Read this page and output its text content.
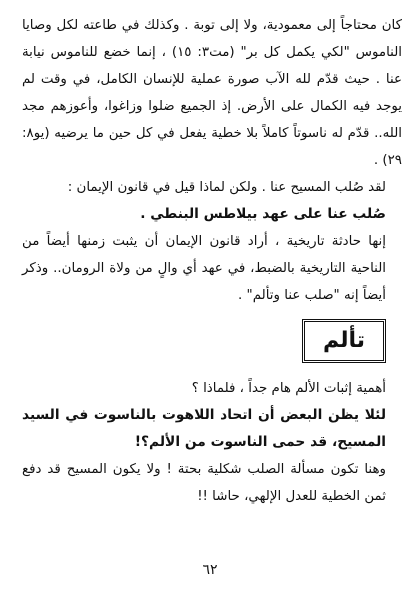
كان محتاجاً إلى معمودية، ولا إلى توبة . وكذلك في طاعته لكل وصايا الناموس "لكي يكمل كل بر" (مت٣: ١٥) ، إنما خضع للناموس نيابة عنا . حيث قدّم لله الآب صورة عملية للإنسان الكامل، في وقت لم يوجد فيه الكمال على الأرض. إذ الجميع ضلوا وزاغوا، وأعوزهم مجد الله.. قدّم له ناسوتاً كاملاً بلا خطية يفعل في كل حين ما يرضيه (يو٨: ٢٩) .

لقد صُلب المسيح عنا . ولكن لماذا قيل في قانون الإيمان :

صُلب عنا على عهد بيلاطس البنطي .

إنها حادثة تاريخية ، أراد قانون الإيمان أن يثبت زمنها أيضاً من الناحية التاريخية بالضبط، في عهد أي والٍ من ولاة الرومان.. وذكر أيضاً إنه "صلب عنا وتألم" .

تألم

أهمية إثبات الألم هام جداً ، فلماذا ؟

لئلا يظن البعض أن اتحاد اللاهوت بالناسوت في السيد المسيح، قد حمى الناسوت من الألم؟!

وهنا تكون مسألة الصلب شكلية بحتة ! ولا يكون المسيح قد دفع ثمن الخطية للعدل الإلهي، حاشا !!

٦٢
